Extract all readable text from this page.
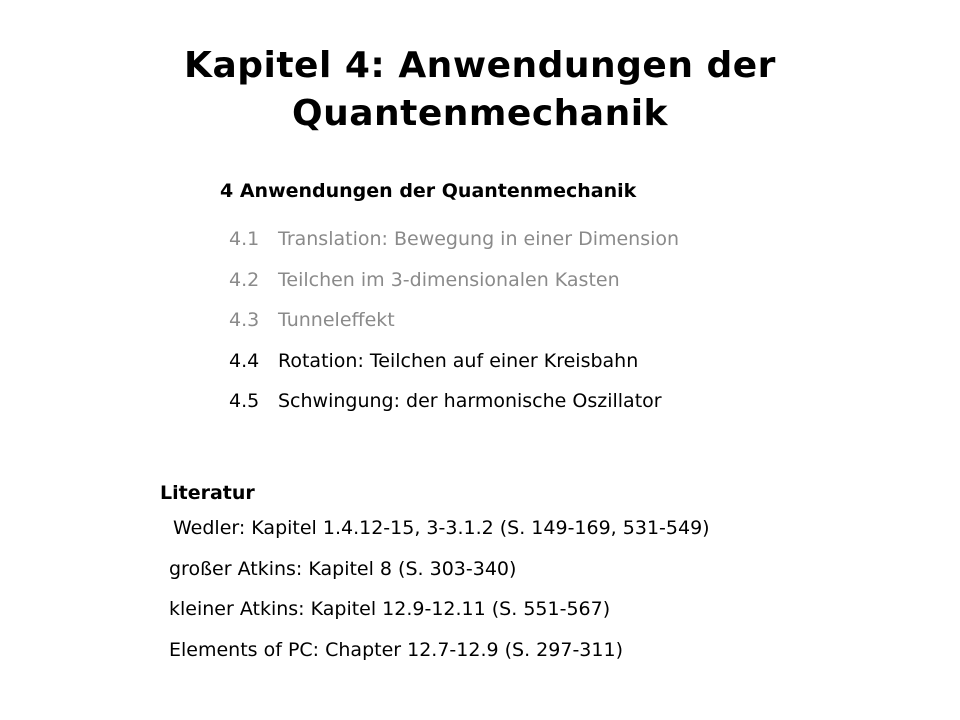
Kapitel 4: Anwendungen der
Quantenmechanik
4 Anwendungen der Quantenmechanik
4.1 Translation: Bewegung in einer Dimension
4.2 Teilchen im 3-dimensionalen Kasten
4.3 Tunneleffekt
4.4 Rotation: Teilchen auf einer Kreisbahn
4.5 Schwingung: der harmonische Oszillator
Literatur
Wedler: Kapitel 1.4.12-15, 3-3.1.2 (S. 149-169, 531-549)
großer Atkins: Kapitel 8 (S. 303-340)
kleiner Atkins: Kapitel 12.9-12.11 (S. 551-567)
Elements of PC: Chapter 12.7-12.9 (S. 297-311)
